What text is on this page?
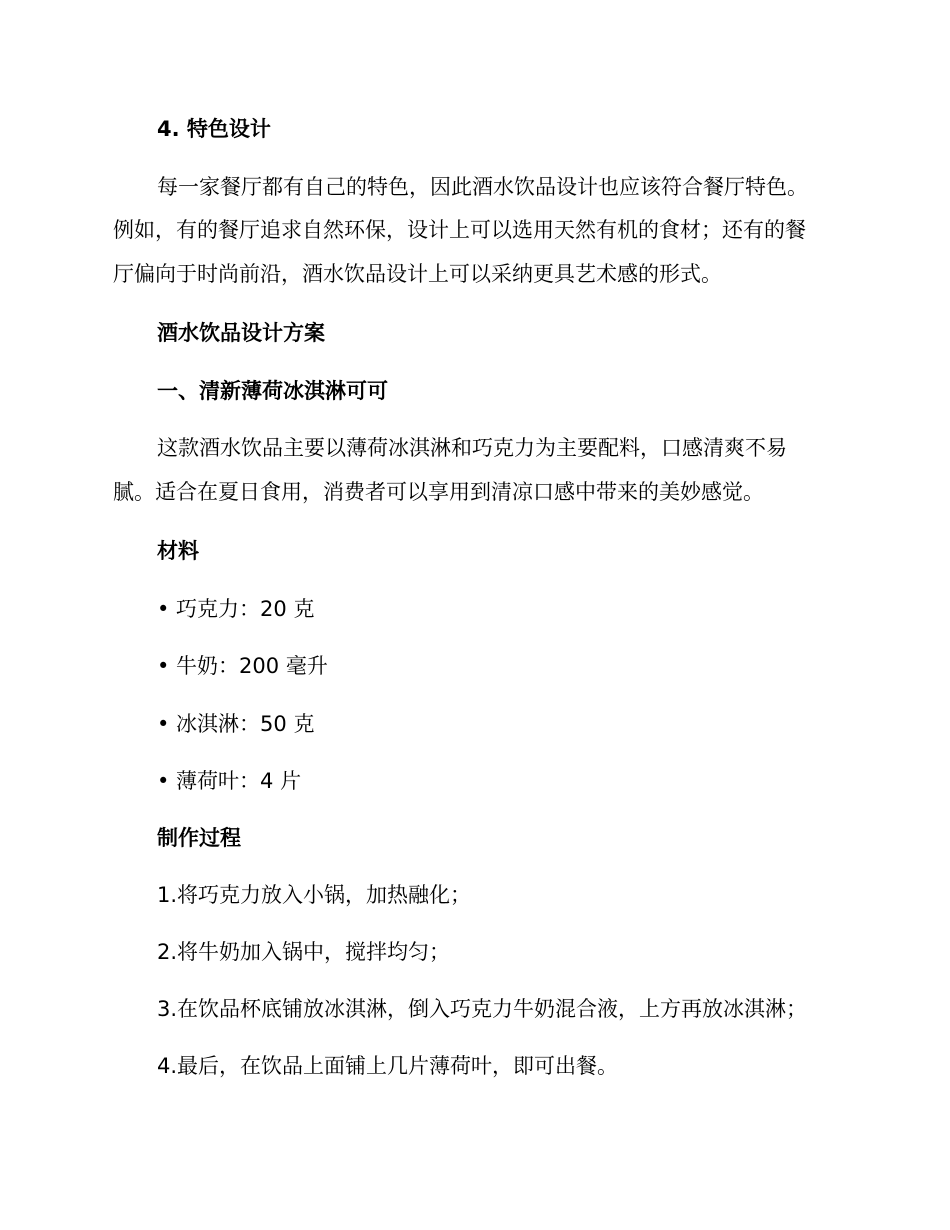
4. 特色设计

每一家餐厅都有自己的特色，因此酒水饮品设计也应该符合餐厅特色。

例如，有的餐厅追求自然环保，设计上可以选用天然有机的食材；还有的餐

厅偏向于时尚前沿，酒水饮品设计上可以采纳更具艺术感的形式。

酒水饮品设计方案

一、清新薄荷冰淇淋可可

这款酒水饮品主要以薄荷冰淇淋和巧克力为主要配料，口感清爽不易

腻。适合在夏日食用，消费者可以享用到清凉口感中带来的美妙感觉。

材料

• 巧克力：20 克

• 牛奶：200 毫升

• 冰淇淋：50 克

• 薄荷叶：4 片

制作过程

1.将巧克力放入小锅，加热融化；

2.将牛奶加入锅中，搅拌均匀；

3.在饮品杯底铺放冰淇淋，倒入巧克力牛奶混合液，上方再放冰淇淋；

4.最后，在饮品上面铺上几片薄荷叶，即可出餐。
